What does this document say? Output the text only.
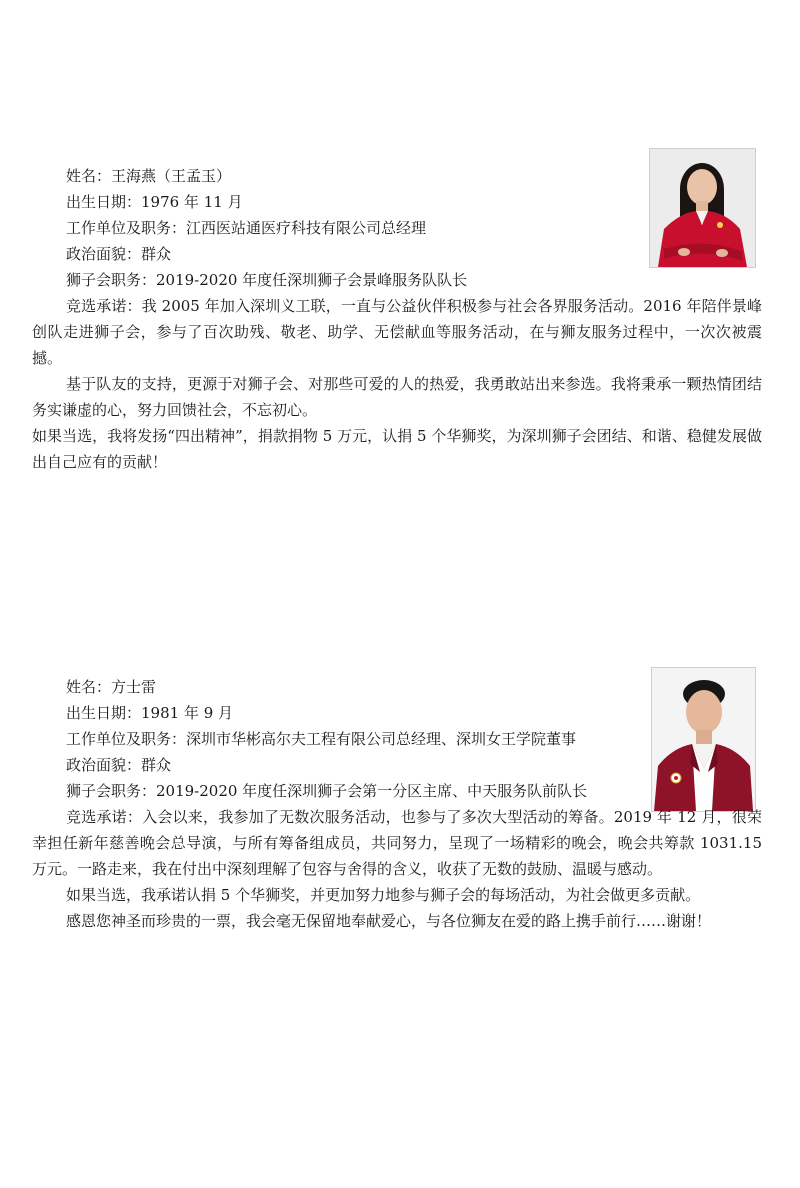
姓名：王海燕（王孟玉）
出生日期：1976 年 11 月
工作单位及职务：江西医站通医疗科技有限公司总经理
政治面貌：群众
狮子会职务：2019-2020 年度任深圳狮子会景峰服务队队长

竞选承诺：我 2005 年加入深圳义工联，一直与公益伙伴积极参与社会各界服务活动。2016 年陪伴景峰创队走进狮子会，参与了百次助残、敬老、助学、无偿献血等服务活动，在与狮友服务过程中，一次次被震撼。

基于队友的支持，更源于对狮子会、对那些可爱的人的热爱，我勇敢站出来参选。我将秉承一颗热情团结务实谦虚的心，努力回馈社会，不忘初心。

如果当选，我将发扬“四出精神”，捐款捐物 5 万元，认捐 5 个华狮奖，为深圳狮子会团结、和谐、稳健发展做出自己应有的贡献！

姓名：方士雷
出生日期：1981 年 9 月

工作单位及职务：深圳市华彬高尔夫工程有限公司总经理、深圳女王学院董事

政治面貌：群众

狮子会职务：2019-2020 年度任深圳狮子会第一分区主席、中天服务队前队长

竞选承诺：入会以来，我参加了无数次服务活动，也参与了多次大型活动的筹备。2019 年 12 月，很荣幸担任新年慈善晚会总导演，与所有筹备组成员，共同努力，呈现了一场精彩的晚会，晚会共筹款 1031.15 万元。一路走来，我在付出中深刻理解了包容与舍得的含义，收获了无数的鼓励、温暖与感动。

如果当选，我承诺认捐 5 个华狮奖，并更加努力地参与狮子会的每场活动，为社会做更多贡献。

感恩您神圣而珍贵的一票，我会毫无保留地奉献爱心，与各位狮友在爱的路上携手前行……谢谢！
